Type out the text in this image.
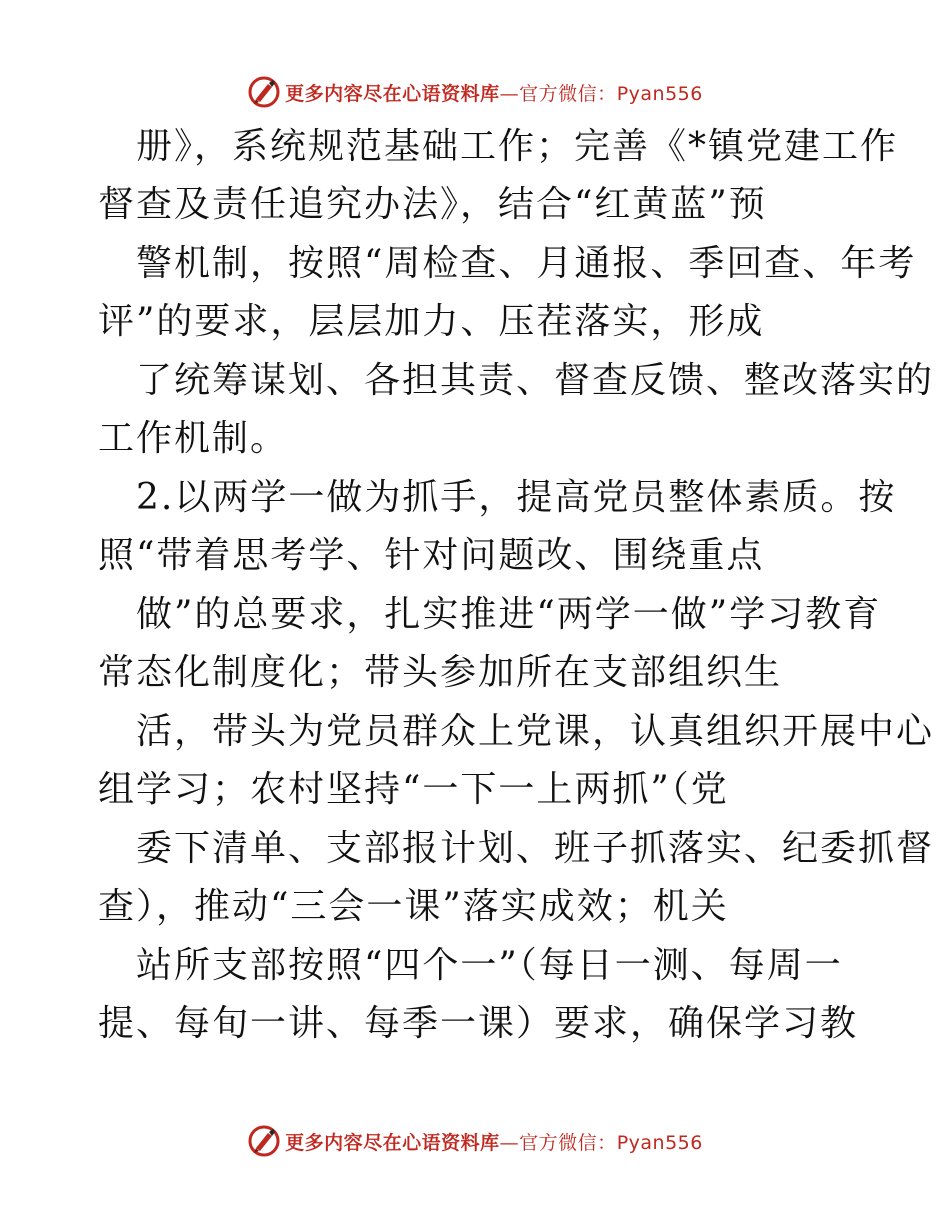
更多内容尽在心语资料库—官方微信：Pyan556
册》，系统规范基础工作；完善《*镇党建工作
督查及责任追究办法》，结合“红黄蓝”预
警机制，按照“周检查、月通报、季回查、年考
评”的要求，层层加力、压茬落实，形成
了统筹谋划、各担其责、督查反馈、整改落实的
工作机制。
2.以两学一做为抓手，提高党员整体素质。按
照“带着思考学、针对问题改、围绕重点
做”的总要求，扎实推进“两学一做”学习教育
常态化制度化；带头参加所在支部组织生
活，带头为党员群众上党课，认真组织开展中心
组学习；农村坚持“一下一上两抓”（党
委下清单、支部报计划、班子抓落实、纪委抓督
查），推动“三会一课”落实成效；机关
站所支部按照“四个一”（每日一测、每周一
提、每旬一讲、每季一课）要求，确保学习教
更多内容尽在心语资料库—官方微信：Pyan556
